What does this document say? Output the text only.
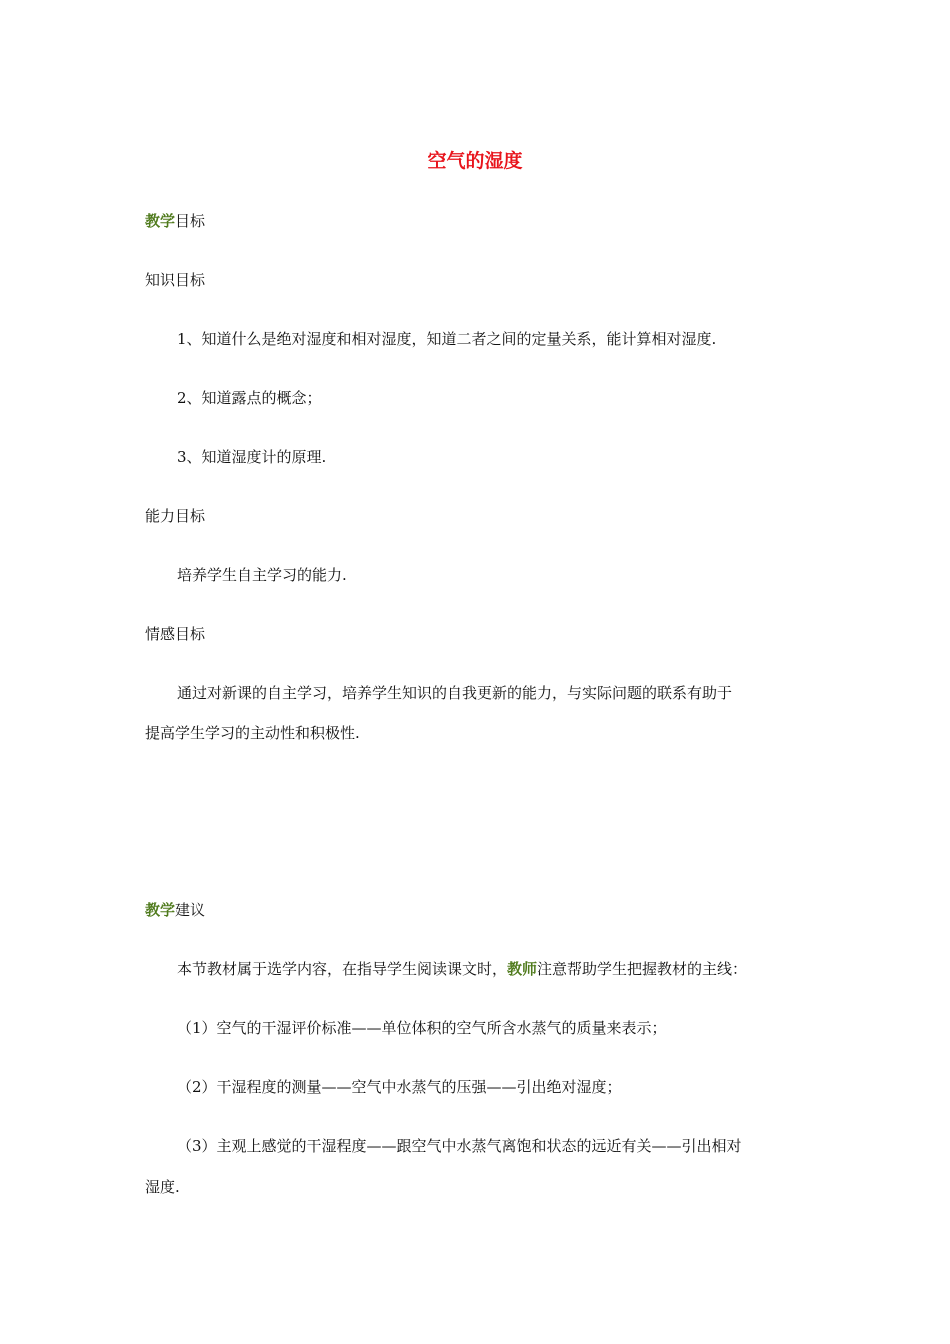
空气的湿度
教学目标
知识目标
1、知道什么是绝对湿度和相对湿度，知道二者之间的定量关系，能计算相对湿度.
2、知道露点的概念；
3、知道湿度计的原理.
能力目标
培养学生自主学习的能力.
情感目标
通过对新课的自主学习，培养学生知识的自我更新的能力，与实际问题的联系有助于
提高学生学习的主动性和积极性.
教学建议
本节教材属于选学内容，在指导学生阅读课文时，教师注意帮助学生把握教材的主线：
（1）空气的干湿评价标准——单位体积的空气所含水蒸气的质量来表示；
（2）干湿程度的测量——空气中水蒸气的压强——引出绝对湿度；
（3）主观上感觉的干湿程度——跟空气中水蒸气离饱和状态的远近有关——引出相对
湿度.
